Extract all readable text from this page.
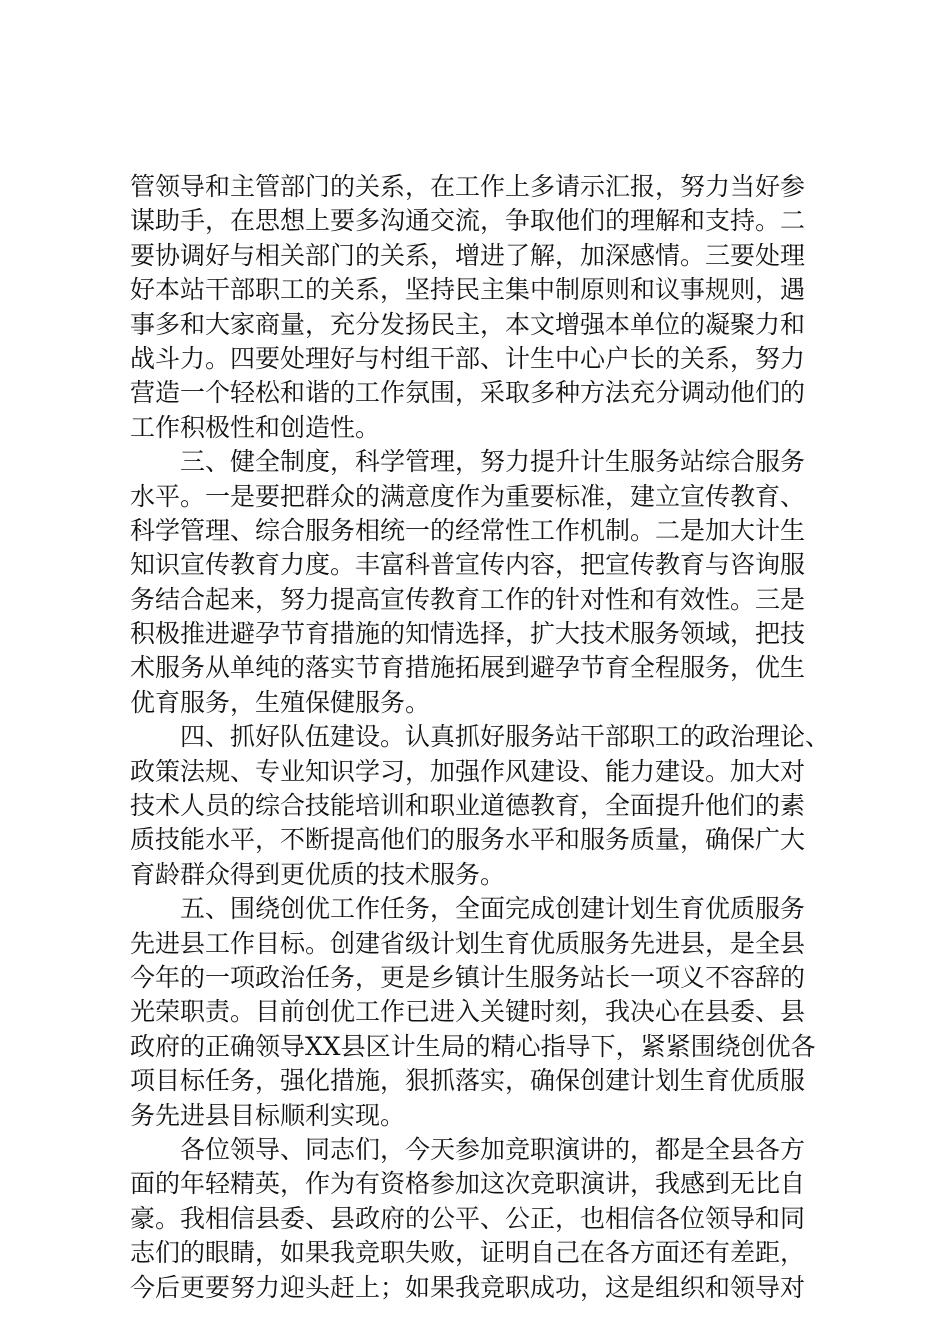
管领导和主管部门的关系，在工作上多请示汇报，努力当好参
谋助手，在思想上要多沟通交流，争取他们的理解和支持。二
要协调好与相关部门的关系，增进了解，加深感情。三要处理
好本站干部职工的关系，坚持民主集中制原则和议事规则，遇
事多和大家商量，充分发扬民主，本文增强本单位的凝聚力和
战斗力。四要处理好与村组干部、计生中心户长的关系，努力
营造一个轻松和谐的工作氛围，采取多种方法充分调动他们的
工作积极性和创造性。
　　三、健全制度，科学管理，努力提升计生服务站综合服务
水平。一是要把群众的满意度作为重要标准，建立宣传教育、
科学管理、综合服务相统一的经常性工作机制。二是加大计生
知识宣传教育力度。丰富科普宣传内容，把宣传教育与咨询服
务结合起来，努力提高宣传教育工作的针对性和有效性。三是
积极推进避孕节育措施的知情选择，扩大技术服务领域，把技
术服务从单纯的落实节育措施拓展到避孕节育全程服务，优生
优育服务，生殖保健服务。
　　四、抓好队伍建设。认真抓好服务站干部职工的政治理论、
政策法规、专业知识学习，加强作风建设、能力建设。加大对
技术人员的综合技能培训和职业道德教育，全面提升他们的素
质技能水平，不断提高他们的服务水平和服务质量，确保广大
育龄群众得到更优质的技术服务。
　　五、围绕创优工作任务，全面完成创建计划生育优质服务
先进县工作目标。创建省级计划生育优质服务先进县，是全县
今年的一项政治任务，更是乡镇计生服务站长一项义不容辞的
光荣职责。目前创优工作已进入关键时刻，我决心在县委、县
政府的正确领导XX县区计生局的精心指导下，紧紧围绕创优各
项目标任务，强化措施，狠抓落实，确保创建计划生育优质服
务先进县目标顺利实现。
　　各位领导、同志们，今天参加竞职演讲的，都是全县各方
面的年轻精英，作为有资格参加这次竞职演讲，我感到无比自
豪。我相信县委、县政府的公平、公正，也相信各位领导和同
志们的眼睛，如果我竞职失败，证明自己在各方面还有差距，
今后更要努力迎头赶上；如果我竞职成功，这是组织和领导对
